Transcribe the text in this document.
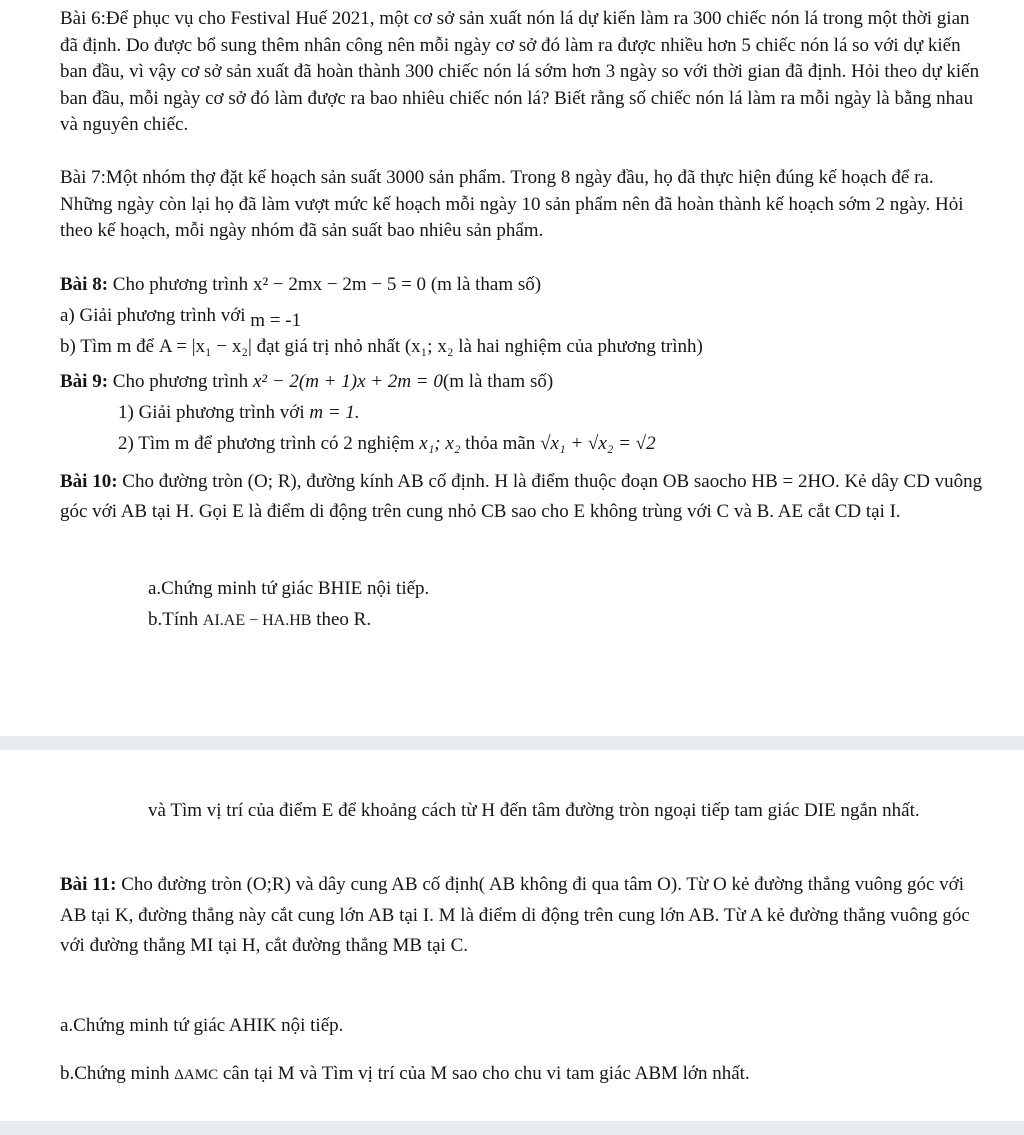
Bài 6:Để phục vụ cho Festival Huế 2021, một cơ sở sản xuất nón lá dự kiến làm ra 300 chiếc nón lá trong một thời gian đã định. Do được bổ sung thêm nhân công nên mỗi ngày cơ sở đó làm ra được nhiều hơn 5 chiếc nón lá so với dự kiến ban đầu, vì vậy cơ sở sản xuất đã hoàn thành 300 chiếc nón lá sớm hơn 3 ngày so với thời gian đã định. Hỏi theo dự kiến ban đầu, mỗi ngày cơ sở đó làm được ra bao nhiêu chiếc nón lá? Biết rằng số chiếc nón lá làm ra mỗi ngày là bằng nhau và nguyên chiếc.

Bài 7:Một nhóm thợ đặt kế hoạch sản suất 3000 sản phẩm. Trong 8 ngày đầu, họ đã thực hiện đúng kế hoạch để ra. Những ngày còn lại họ đã làm vượt mức kế hoạch mỗi ngày 10 sản phẩm nên đã hoàn thành kế hoạch sớm 2 ngày. Hỏi theo kế hoạch, mỗi ngày nhóm đã sản suất bao nhiêu sản phẩm.

Bài 8: Cho phương trình x² − 2mx − 2m − 5 = 0 (m là tham số)

a) Giải phương trình với m = -1

b) Tìm m để A = |x₁ − x₂| đạt giá trị nhỏ nhất (x₁; x₂ là hai nghiệm của phương trình)

Bài 9: Cho phương trình x² − 2(m + 1)x + 2m = 0(m là tham số)

1) Giải phương trình với m = 1.

2) Tìm m để phương trình có 2 nghiệm x₁; x₂ thỏa mãn √x₁ + √x₂ = √2

Bài 10: Cho đường tròn (O; R), đường kính AB cố định. H là điểm thuộc đoạn OB saocho HB = 2HO. Kẻ dây CD vuông góc với AB tại H. Gọi E là điểm di động trên cung nhỏ CB sao cho E không trùng với C và B. AE cắt CD tại I.

a.Chứng minh tứ giác BHIE nội tiếp.

b.Tính AI.AE − HA.HB theo R.

và Tìm vị trí của điểm E để khoảng cách từ H đến tâm đường tròn ngoại tiếp tam giác DIE ngắn nhất.

Bài 11: Cho đường tròn (O;R) và dây cung AB cố định( AB không đi qua tâm O). Từ O kẻ đường thẳng vuông góc với AB tại K, đường thẳng này cắt cung lớn AB tại I. M là điểm di động trên cung lớn AB. Từ A kẻ đường thẳng vuông góc với đường thẳng MI tại H, cắt đường thẳng MB tại C.

a.Chứng minh tứ giác AHIK nội tiếp.

b.Chứng minh ΔAMC cân tại M và Tìm vị trí của M sao cho chu vi tam giác ABM lớn nhất.
